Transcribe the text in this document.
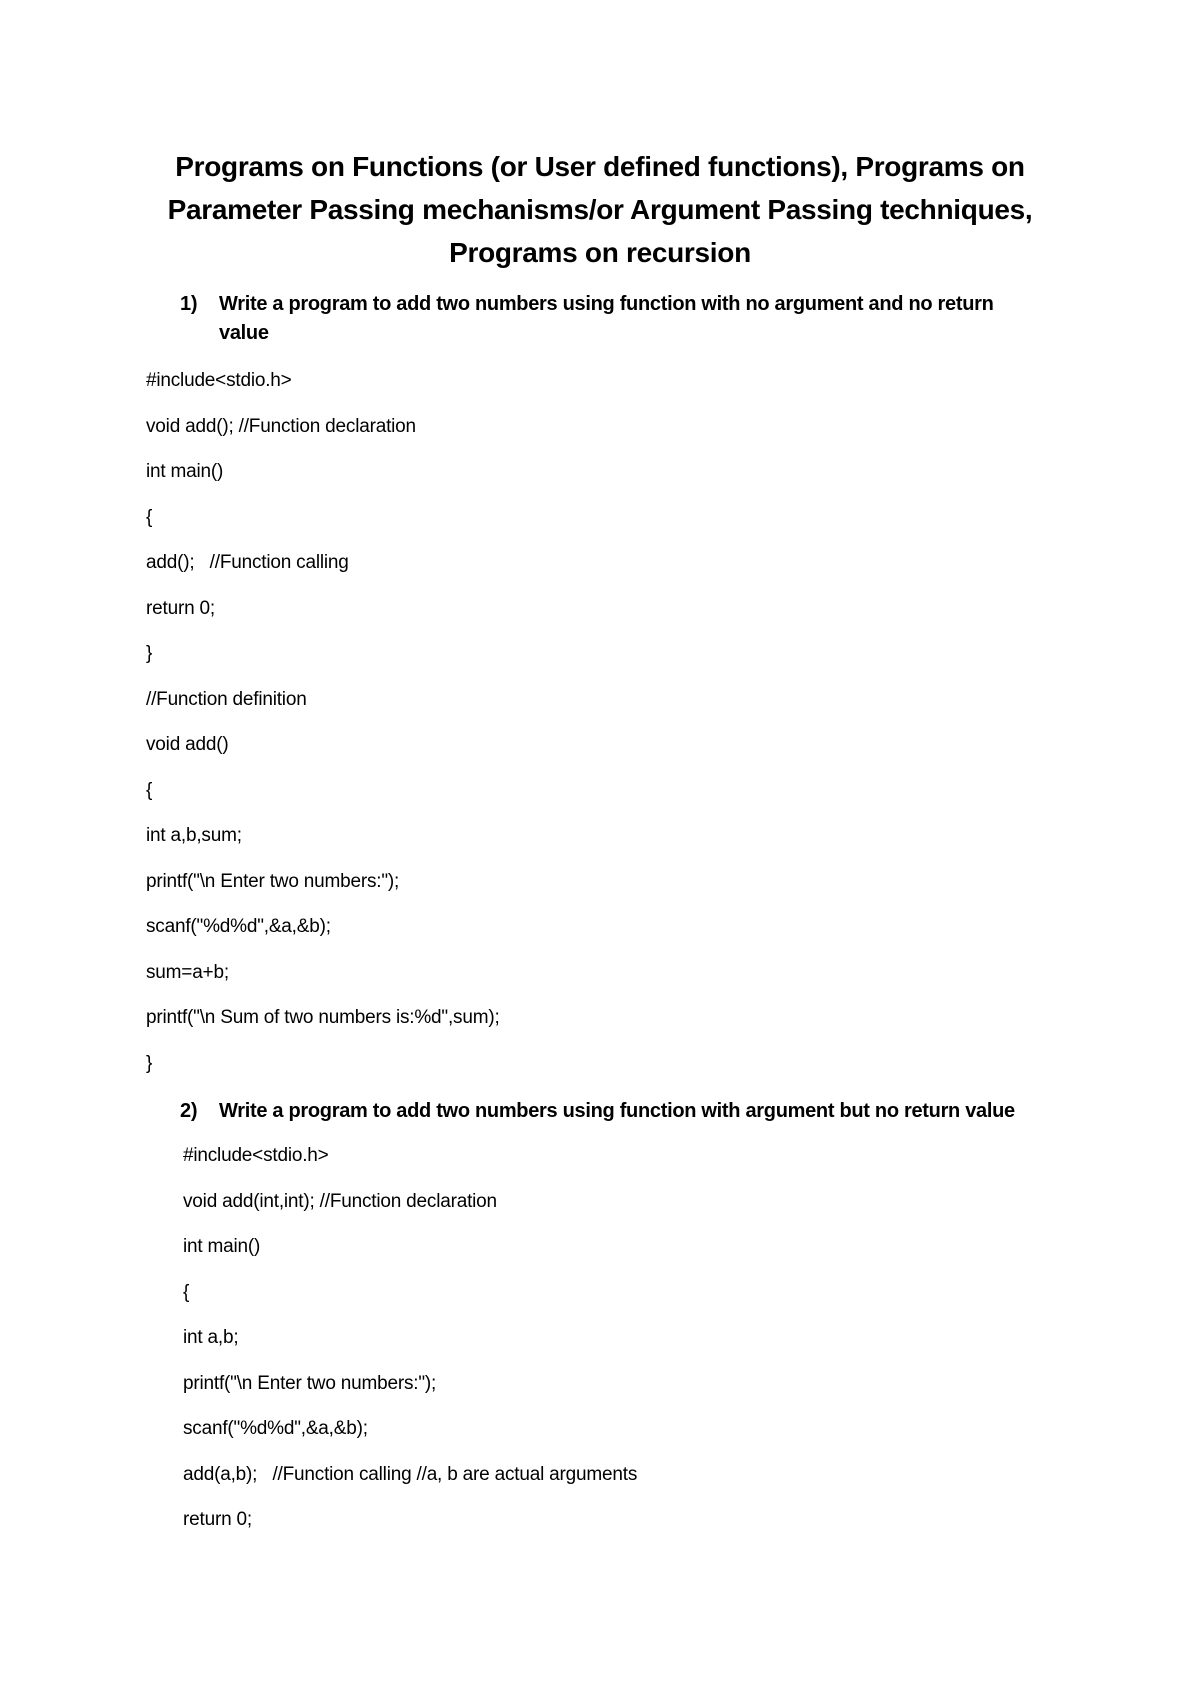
Programs on Functions (or User defined functions), Programs on
Parameter Passing mechanisms/or Argument Passing techniques,
Programs on recursion
1) Write a program to add two numbers using function with no argument and no return value
#include<stdio.h>
void add(); //Function declaration
int main()
{
add();   //Function calling
return 0;
}
//Function definition
void add()
{
int a,b,sum;
printf("\n Enter two numbers:");
scanf("%d%d",&a,&b);
sum=a+b;
printf("\n Sum of two numbers is:%d",sum);
}
2) Write a program to add two numbers using function with argument but no return value
#include<stdio.h>
void add(int,int); //Function declaration
int main()
{
int a,b;
printf("\n Enter two numbers:");
scanf("%d%d",&a,&b);
add(a,b);   //Function calling //a, b are actual arguments
return 0;
